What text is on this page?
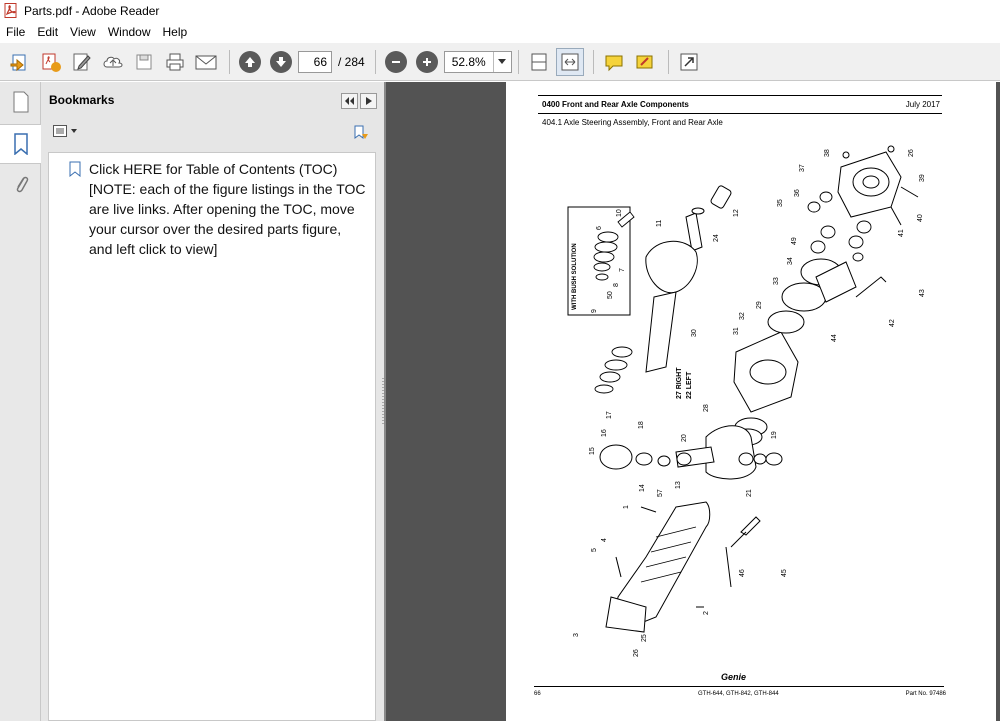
Parts.pdf - Adobe Reader
File	Edit	View	Window	Help
66
/ 284
52.8%
Bookmarks
Click HERE for Table of Contents (TOC) [NOTE: each of the figure listings in the TOC are live links. After opening the TOC, move your cursor over the desired parts figure, and left click to view]
0400 Front and Rear Axle Components	July 2017
404.1 Axle Steering Assembly, Front and Rear Axle
WITH BUSH SOLUTION
11
12
24
10
6
7
8
50
9
37
36
35
38	26
39
40
41
49
34
33
43
42
44
32
29
31
30
28
18
17
16
15
19
21
20
14
57
13
1
2
5
4
3	25
26
46	45
27 RIGHT 22 LEFT
Genie
66	GTH-644, GTH-842, GTH-844	Part No. 97486
